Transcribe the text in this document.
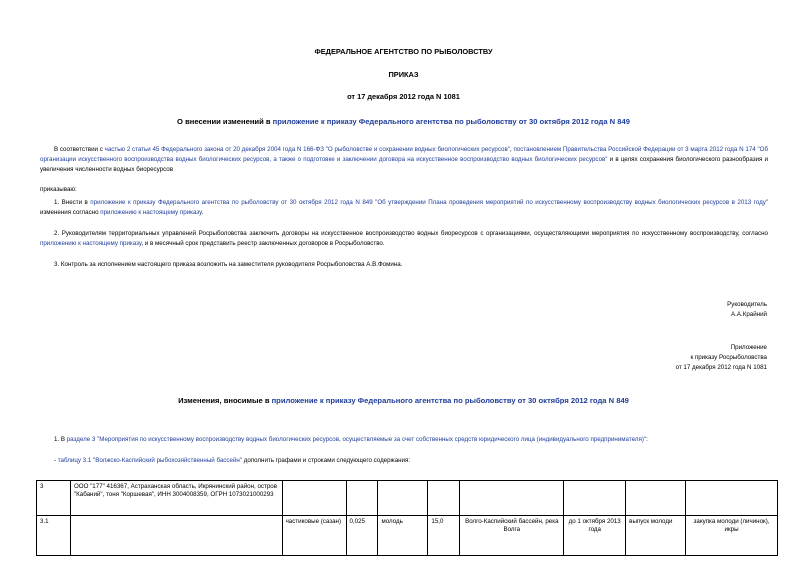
ФЕДЕРАЛЬНОЕ АГЕНТСТВО ПО РЫБОЛОВСТВУ
ПРИКАЗ
от 17 декабря 2012 года N 1081
О внесении изменений в приложение к приказу Федерального агентства по рыболовству от 30 октября 2012 года N 849
В соответствии с частью 2 статьи 45 Федерального закона от 20 декабря 2004 года N 166-ФЗ "О рыболовстве и сохранении водных биологических ресурсов", постановлением Правительства Российской Федерации от 3 марта 2012 года N 174 "Об организации искусственного воспроизводства водных биологических ресурсов, а также о подготовке и заключении договора на искусственное воспроизводство водных биологических ресурсов" и в целях сохранения биологического разнообразия и увеличения численности водных биоресурсов
приказываю:
1. Внести в приложение к приказу Федерального агентства по рыболовству от 30 октября 2012 года N 849 "Об утверждении Плана проведения мероприятий по искусственному воспроизводству водных биологических ресурсов в 2013 году" изменения согласно приложению к настоящему приказу.
2. Руководителям территориальных управлений Росрыболовства заключить договоры на искусственное воспроизводство водных биоресурсов с организациями, осуществляющими мероприятия по искусственному воспроизводству, согласно приложению к настоящему приказу, и в месячный срок представить реестр заключенных договоров в Росрыболовство.
3. Контроль за исполнением настоящего приказа возложить на заместителя руководителя Росрыболовства А.В.Фомина.
Руководитель
А.А.Крайний
Приложение
к приказу Росрыболовства
от 17 декабря 2012 года N 1081
Изменения, вносимые в приложение к приказу Федерального агентства по рыболовству от 30 октября 2012 года N 849
1. В разделе 3 "Мероприятия по искусственному воспроизводству водных биологических ресурсов, осуществляемые за счет собственных средств юридического лица (индивидуального предпринимателя)":
- таблицу 3.1 "Волжско-Каспийский рыбохозяйственный бассейн" дополнить графами и строками следующего содержания:
3	ООО "177" 416367, Астраханская область, Икрянинский район, остров "Кабаний", тоня "Коршевая", ИНН 3004008359, ОГРН 1073021000293								
3.1		частиковые (сазан)	0,025	молодь	15,0	Волго-Каспийский бассейн, река Волга	до 1 октября 2013 года	выпуск молоди	закупка молоди (личинок), икры
